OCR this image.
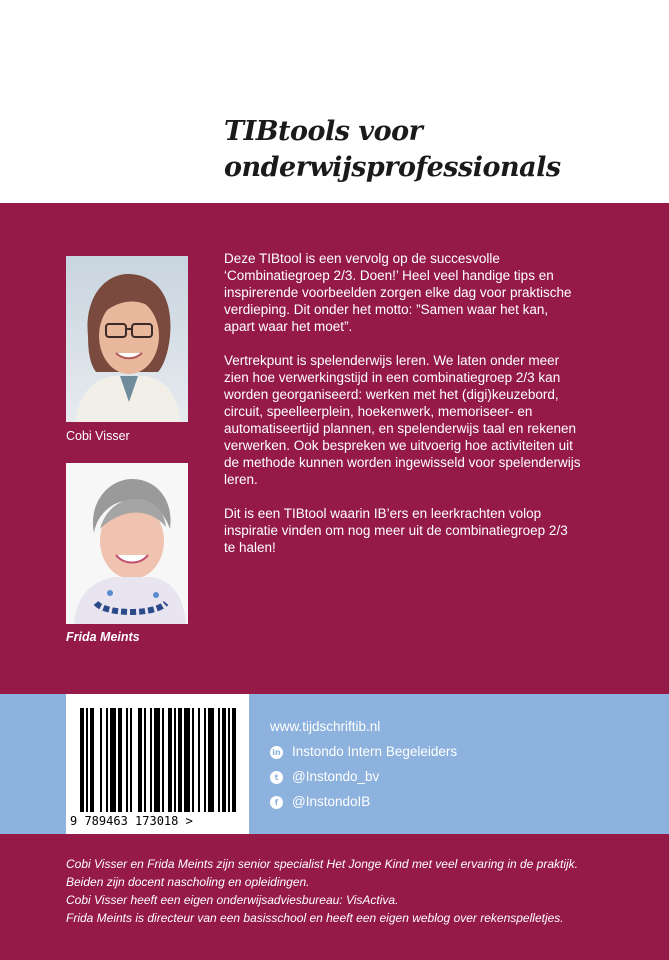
TIBtools voor
onderwijsprofessionals
Cobi Visser
Frida Meints

Deze TIBtool is een vervolg op de succesvolle
‘Combinatiegroep 2/3. Doen!’ Heel veel handige tips en
inspirerende voorbeelden zorgen elke dag voor praktische
verdieping. Dit onder het motto: ”Samen waar het kan,
apart waar het moet”.

Vertrekpunt is spelenderwijs leren. We laten onder meer
zien hoe verwerkingstijd in een combinatiegroep 2/3 kan
worden georganiseerd: werken met het (digi)keuzebord,
circuit, speelleerplein, hoekenwerk, memoriseer- en
automatiseertijd plannen, en spelenderwijs taal en rekenen
verwerken. Ook bespreken we uitvoerig hoe activiteiten uit
de methode kunnen worden ingewisseld voor spelenderwijs
leren.

Dit is een TIBtool waarin IB’ers en leerkrachten volop
inspiratie vinden om nog meer uit de combinatiegroep 2/3
te halen!

9 789463 173018 >
www.tijdschriftib.nl
in Instondo Intern Begeleiders
t	@Instondo_bv
f	@InstondoIB
Cobi Visser en Frida Meints zijn senior specialist Het Jonge Kind met veel ervaring in de praktijk.
Beiden zijn docent nascholing en opleidingen.
Cobi Visser heeft een eigen onderwijsadviesbureau: VisActiva.
Frida Meints is directeur van een basisschool en heeft een eigen weblog over rekenspelletjes.
